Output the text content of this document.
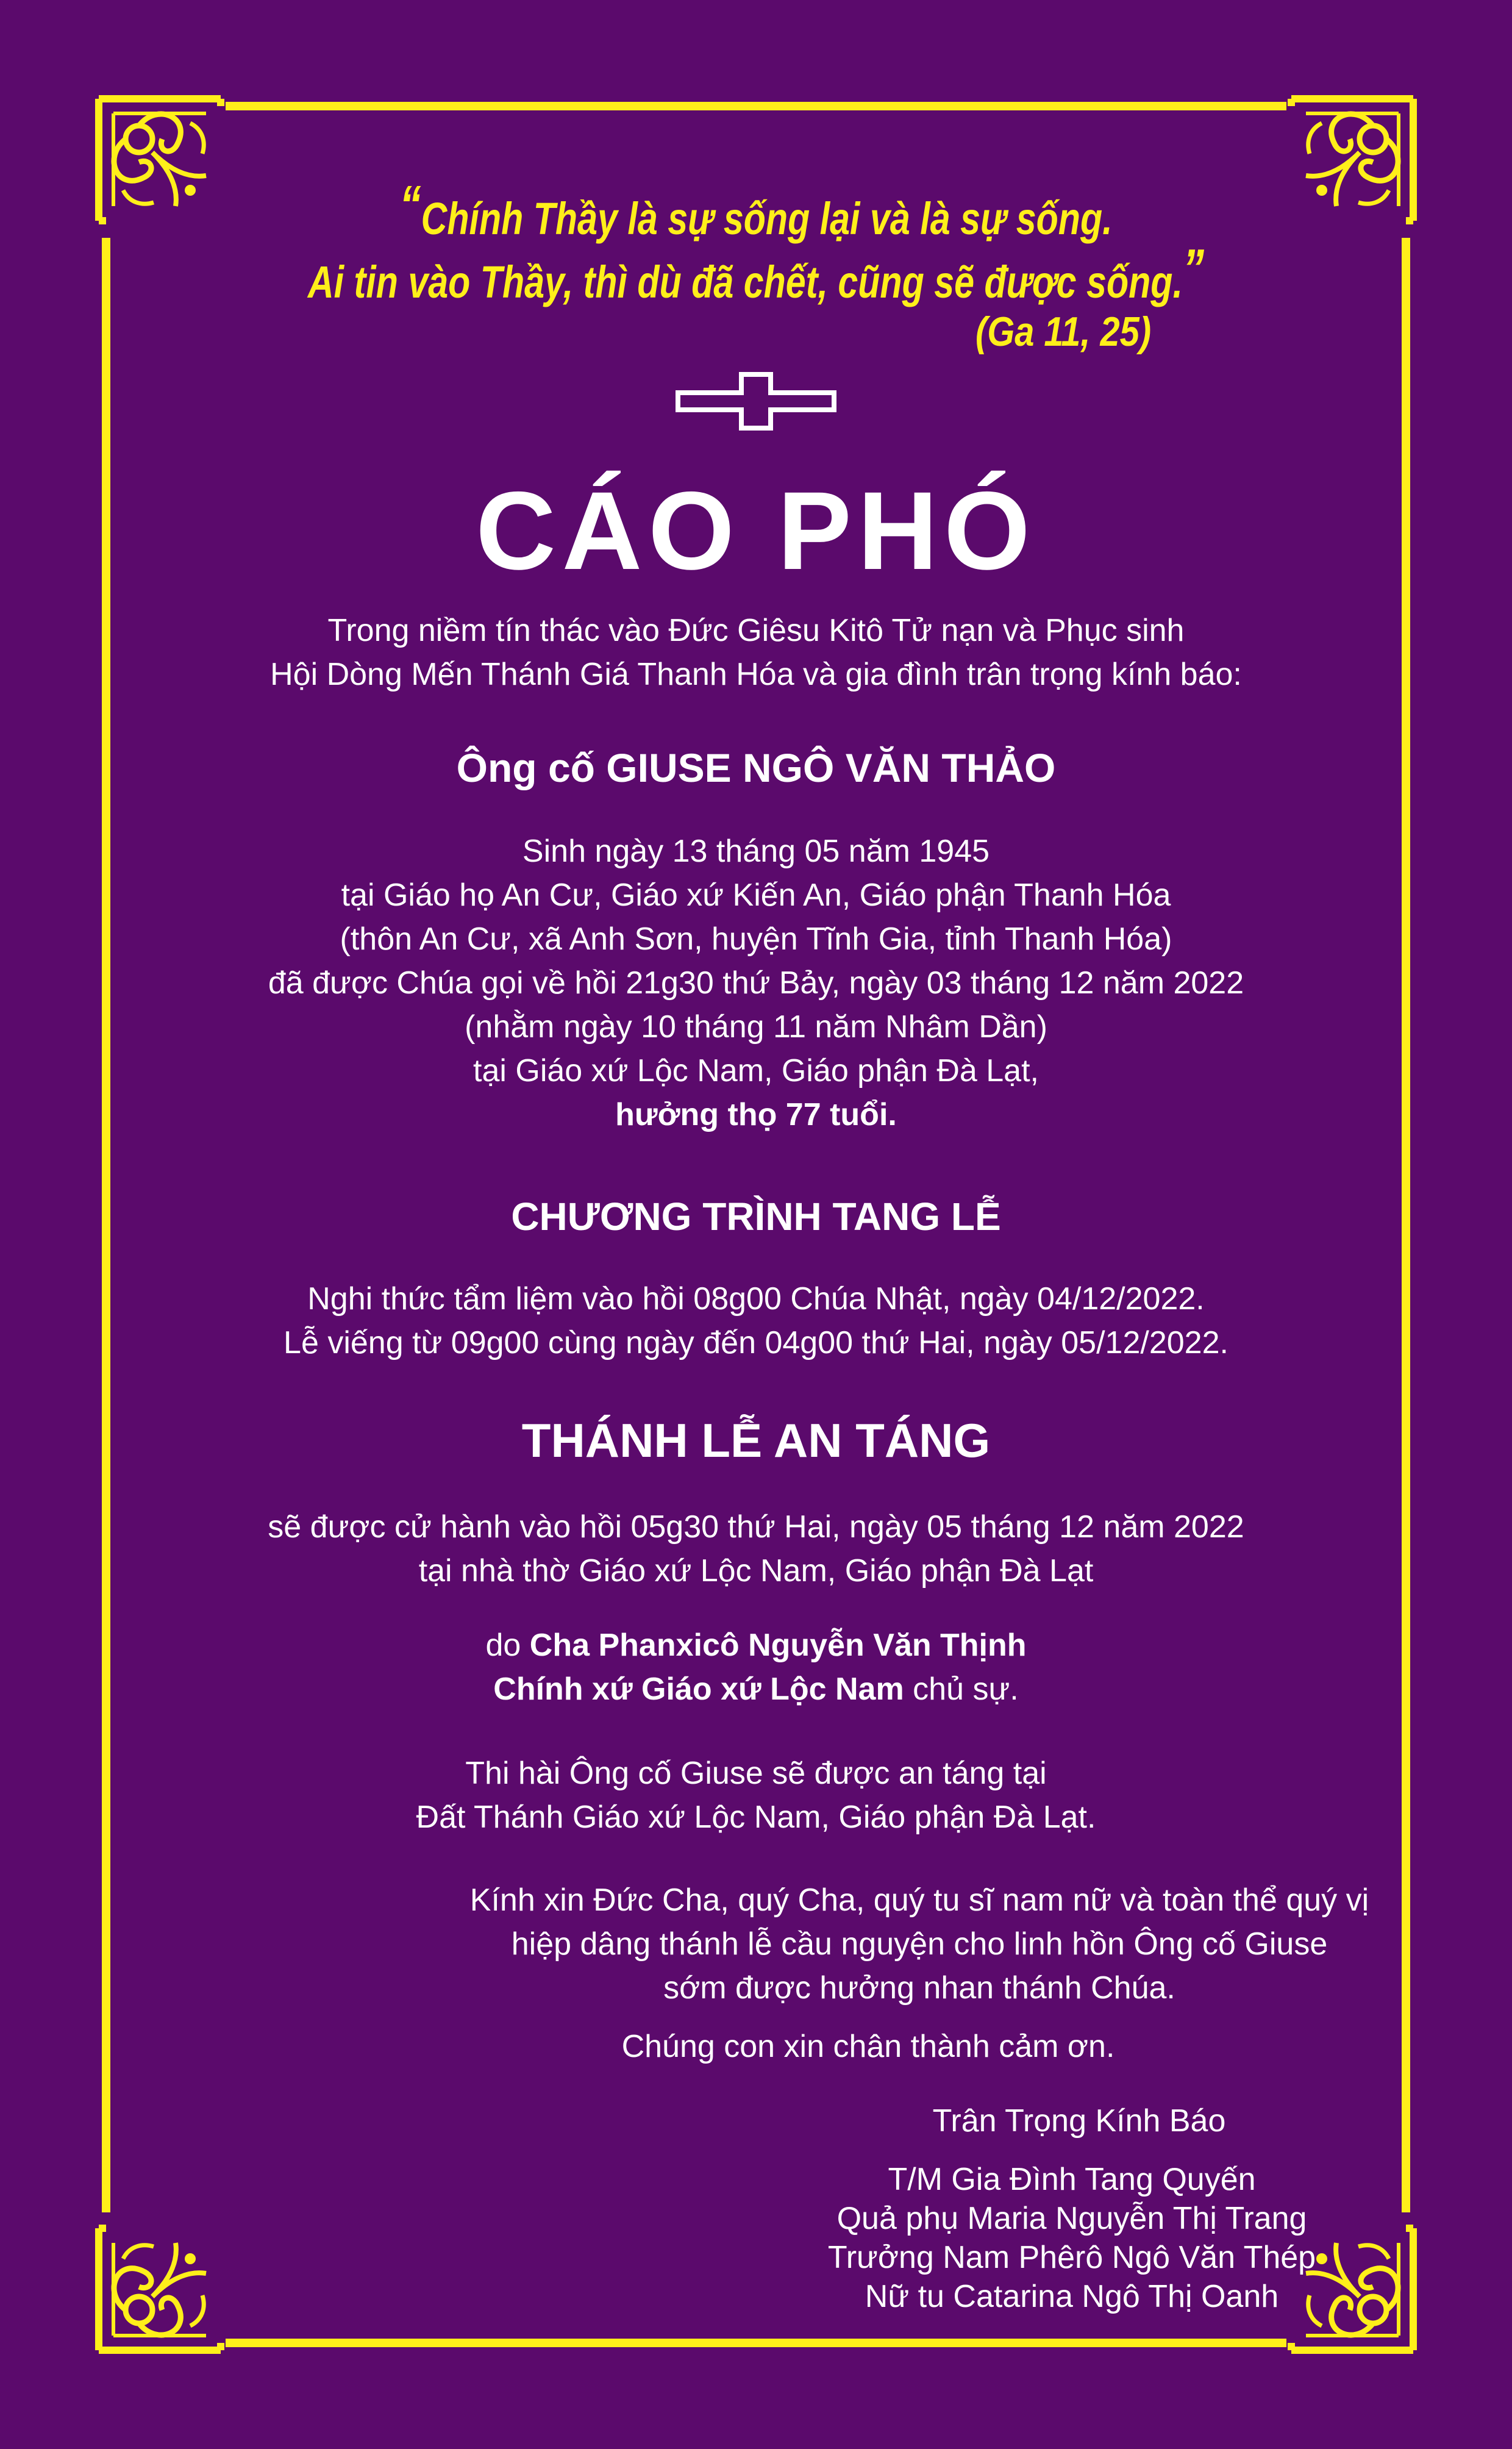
“Chính Thầy là sự sống lại và là sự sống.
Ai tin vào Thầy, thì dù đã chết, cũng sẽ được sống.”
(Ga 11, 25)
CÁO PHÓ
Trong niềm tín thác vào Đức Giêsu Kitô Tử nạn và Phục sinh
Hội Dòng Mến Thánh Giá Thanh Hóa và gia đình trân trọng kính báo:
Ông cố GIUSE NGÔ VĂN THẢO
Sinh ngày 13 tháng 05 năm 1945
tại Giáo họ An Cư, Giáo xứ Kiến An, Giáo phận Thanh Hóa
(thôn An Cư, xã Anh Sơn, huyện Tĩnh Gia, tỉnh Thanh Hóa)
đã được Chúa gọi về hồi 21g30 thứ Bảy, ngày 03 tháng 12 năm 2022
(nhằm ngày 10 tháng 11 năm Nhâm Dần)
tại Giáo xứ Lộc Nam, Giáo phận Đà Lạt,
hưởng thọ 77 tuổi.
CHƯƠNG TRÌNH TANG LỄ
Nghi thức tẩm liệm vào hồi 08g00 Chúa Nhật, ngày 04/12/2022.
Lễ viếng từ 09g00 cùng ngày đến 04g00 thứ Hai, ngày 05/12/2022.
THÁNH LỄ AN TÁNG
sẽ được cử hành vào hồi 05g30 thứ Hai, ngày 05 tháng 12 năm 2022
tại nhà thờ Giáo xứ Lộc Nam, Giáo phận Đà Lạt
do Cha Phanxicô Nguyễn Văn Thịnh
Chính xứ Giáo xứ Lộc Nam chủ sự.
Thi hài Ông cố Giuse sẽ được an táng tại
Đất Thánh Giáo xứ Lộc Nam, Giáo phận Đà Lạt.
Kính xin Đức Cha, quý Cha, quý tu sĩ nam nữ và toàn thể quý vị
hiệp dâng thánh lễ cầu nguyện cho linh hồn Ông cố Giuse
sớm được hưởng nhan thánh Chúa.
Chúng con xin chân thành cảm ơn.
Trân Trọng Kính Báo
T/M Gia Đình Tang Quyến
Quả phụ Maria Nguyễn Thị Trang
Trưởng Nam Phêrô Ngô Văn Thép
Nữ tu Catarina Ngô Thị Oanh
